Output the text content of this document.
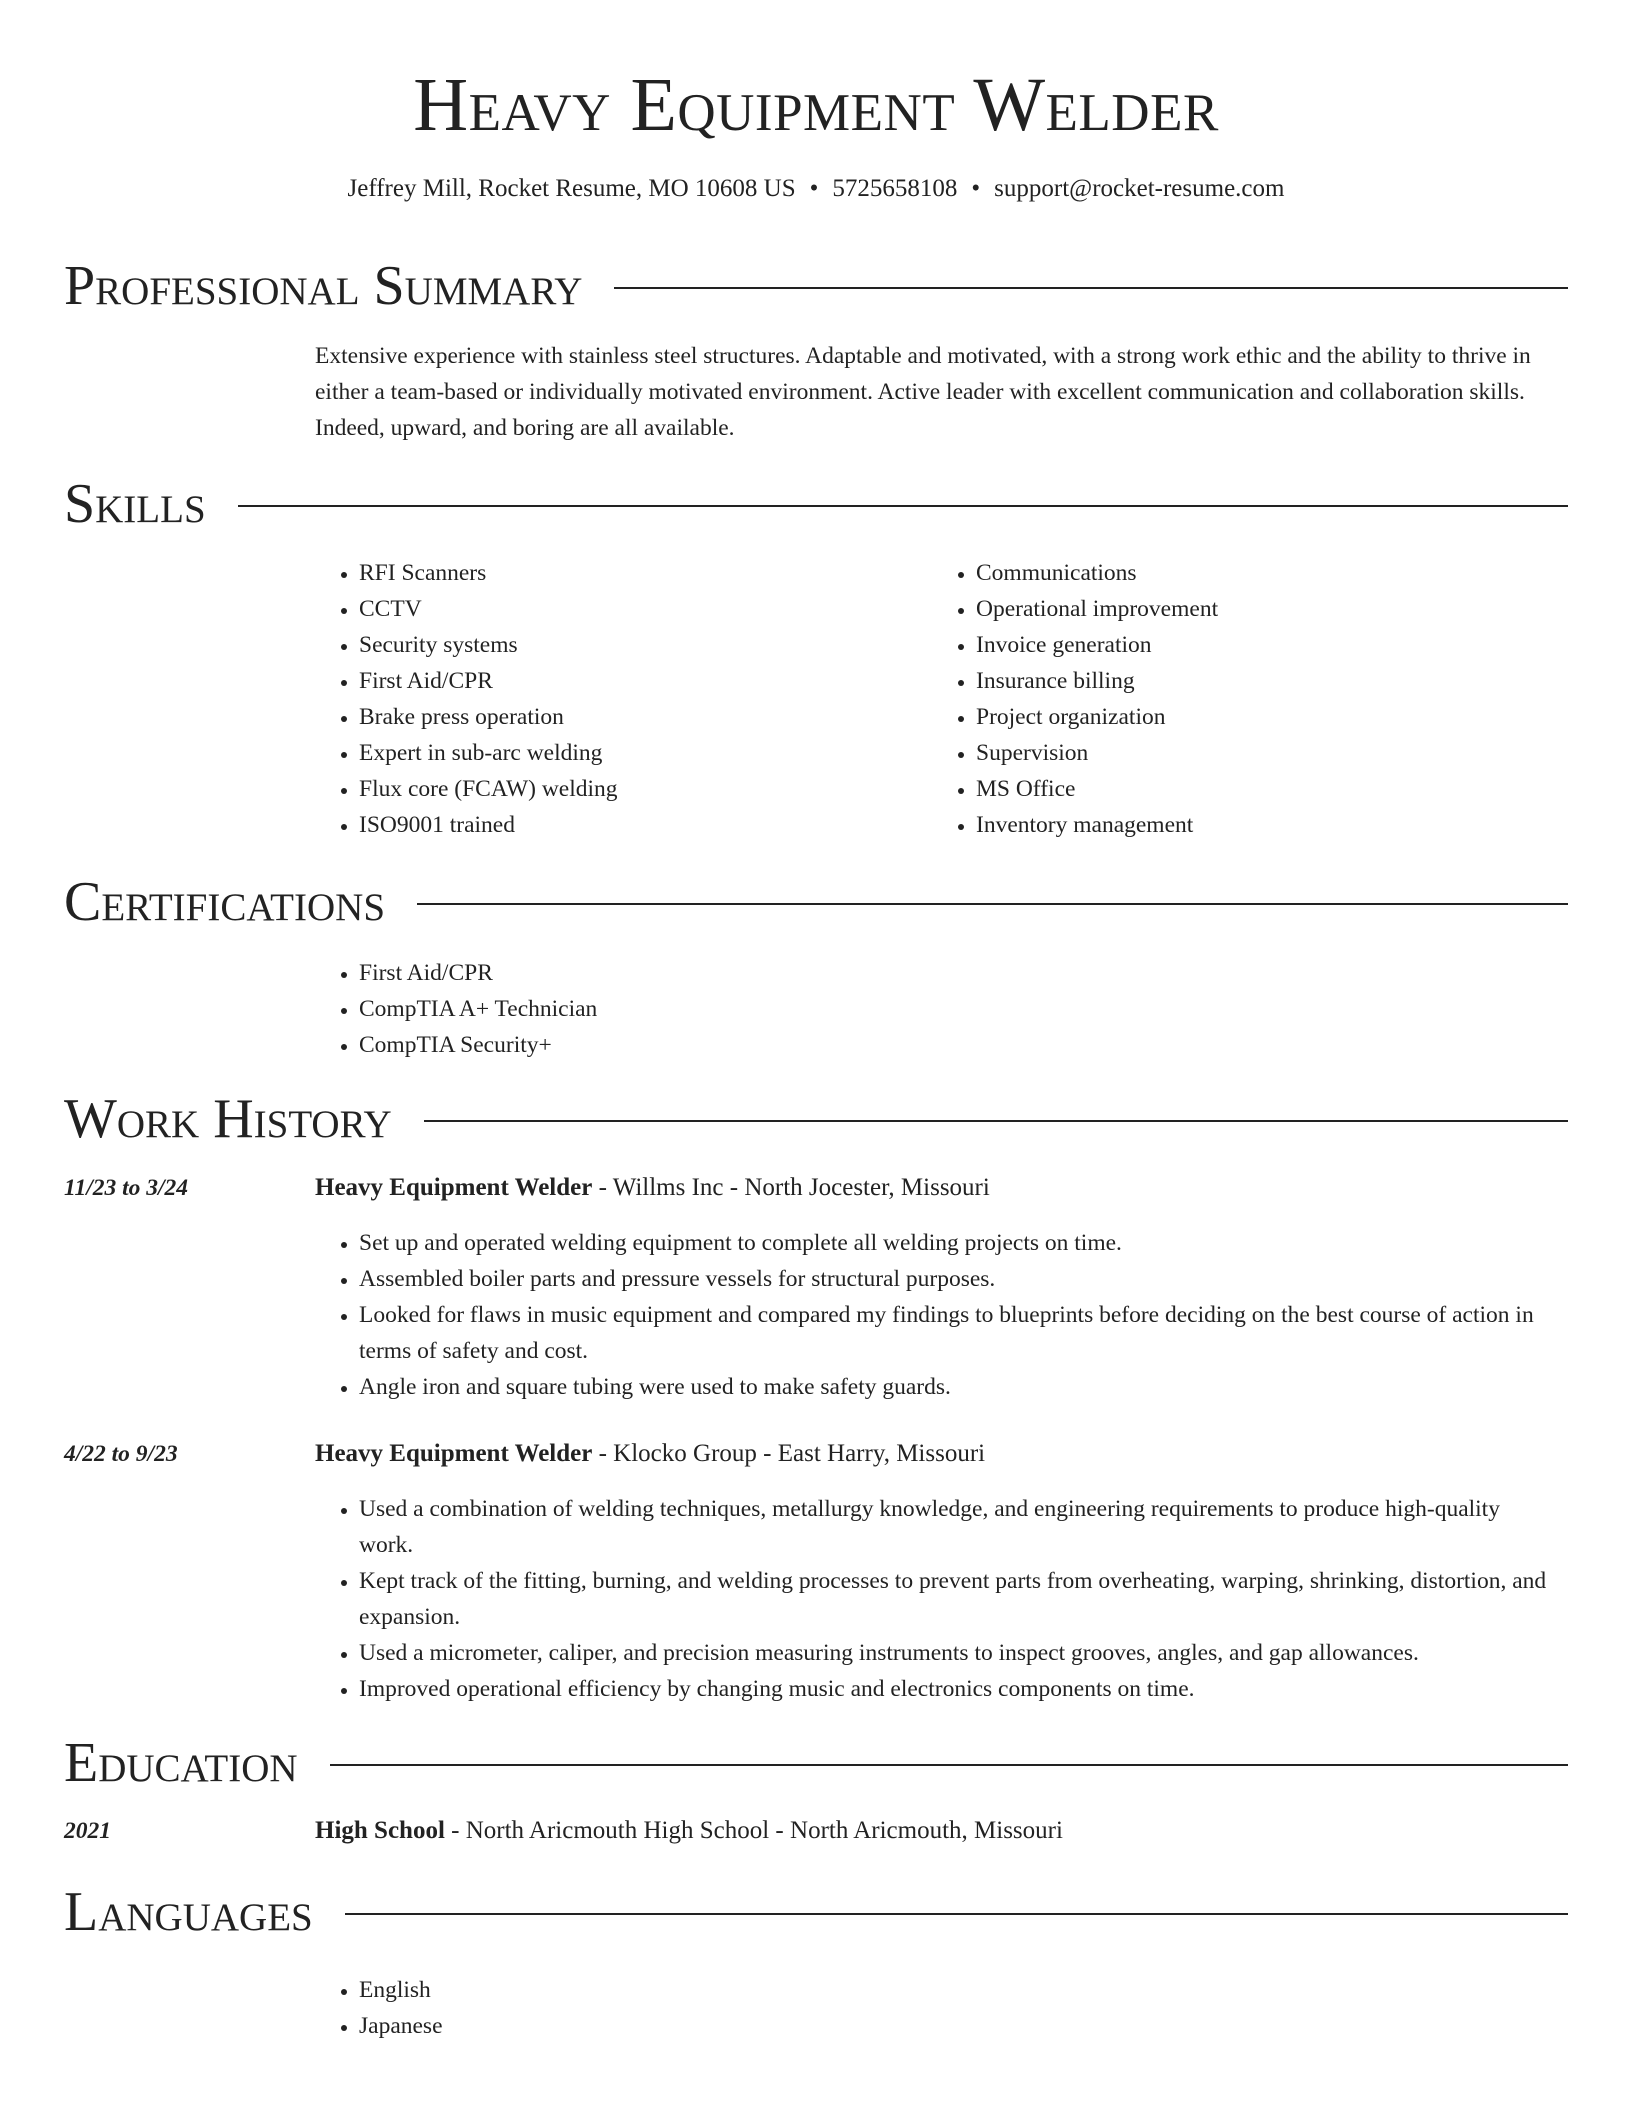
Heavy Equipment Welder
Jeffrey Mill, Rocket Resume, MO 10608 US • 5725658108 • support@rocket-resume.com
Professional Summary
Extensive experience with stainless steel structures. Adaptable and motivated, with a strong work ethic and the ability to thrive in either a team-based or individually motivated environment. Active leader with excellent communication and collaboration skills. Indeed, upward, and boring are all available.
Skills
• RFI Scanners
• CCTV
• Security systems
• First Aid/CPR
• Brake press operation
• Expert in sub-arc welding
• Flux core (FCAW) welding
• ISO9001 trained
• Communications
• Operational improvement
• Invoice generation
• Insurance billing
• Project organization
• Supervision
• MS Office
• Inventory management
Certifications
• First Aid/CPR
• CompTIA A+ Technician
• CompTIA Security+
Work History
11/23 to 3/24	Heavy Equipment Welder - Willms Inc - North Jocester, Missouri
• Set up and operated welding equipment to complete all welding projects on time.
• Assembled boiler parts and pressure vessels for structural purposes.
• Looked for flaws in music equipment and compared my findings to blueprints before deciding on the best course of action in terms of safety and cost.
• Angle iron and square tubing were used to make safety guards.
4/22 to 9/23	Heavy Equipment Welder - Klocko Group - East Harry, Missouri
• Used a combination of welding techniques, metallurgy knowledge, and engineering requirements to produce high-quality work.
• Kept track of the fitting, burning, and welding processes to prevent parts from overheating, warping, shrinking, distortion, and expansion.
• Used a micrometer, caliper, and precision measuring instruments to inspect grooves, angles, and gap allowances.
• Improved operational efficiency by changing music and electronics components on time.
Education
2021	High School - North Aricmouth High School - North Aricmouth, Missouri
Languages
• English
• Japanese
